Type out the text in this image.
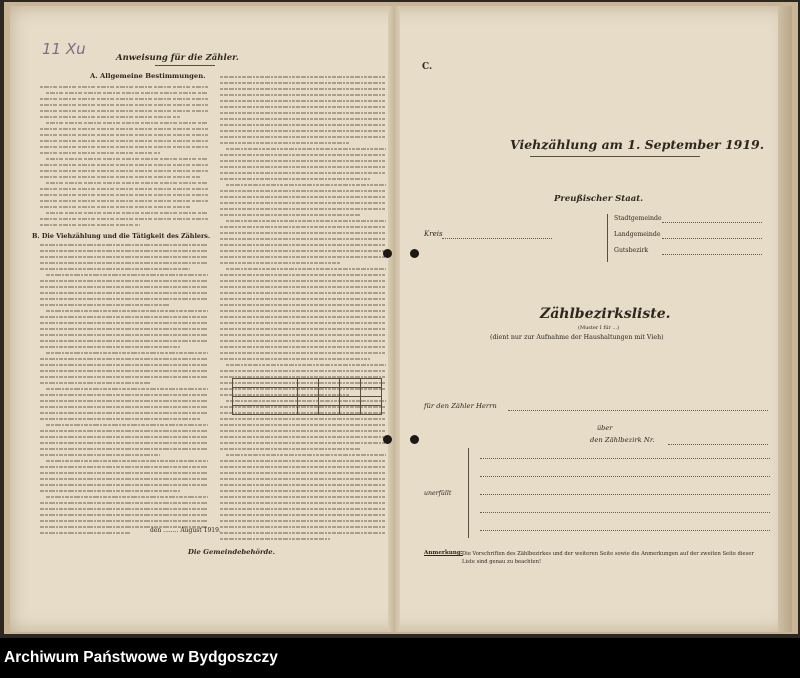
11 Xu	Anweisung für die Zähler.
A. Allgemeine Bestimmungen.
B. Die Viehzählung und die Tätigkeit des Zählers.

den ........ August 1919.
Die Gemeindebehörde.
C.
Viehzählung am 1. September 1919.
Preußischer Staat.
Kreis
Stadtgemeinde
Landgemeinde
Gutsbezirk
Zählbezirksliste.
(Muster I für ...)
(dient nur zur Aufnahme der Haushaltungen mit Vieh)
für den Zähler Herrn
über
den Zählbezirk Nr.
unerfüllt
Anmerkung: Die Vorschriften des Zählbezirkes und der weiteren Seite sowie die Anmerkungen auf der zweiten Seite dieser Liste sind genau zu beachten!
Archiwum Państwowe w Bydgoszczy
